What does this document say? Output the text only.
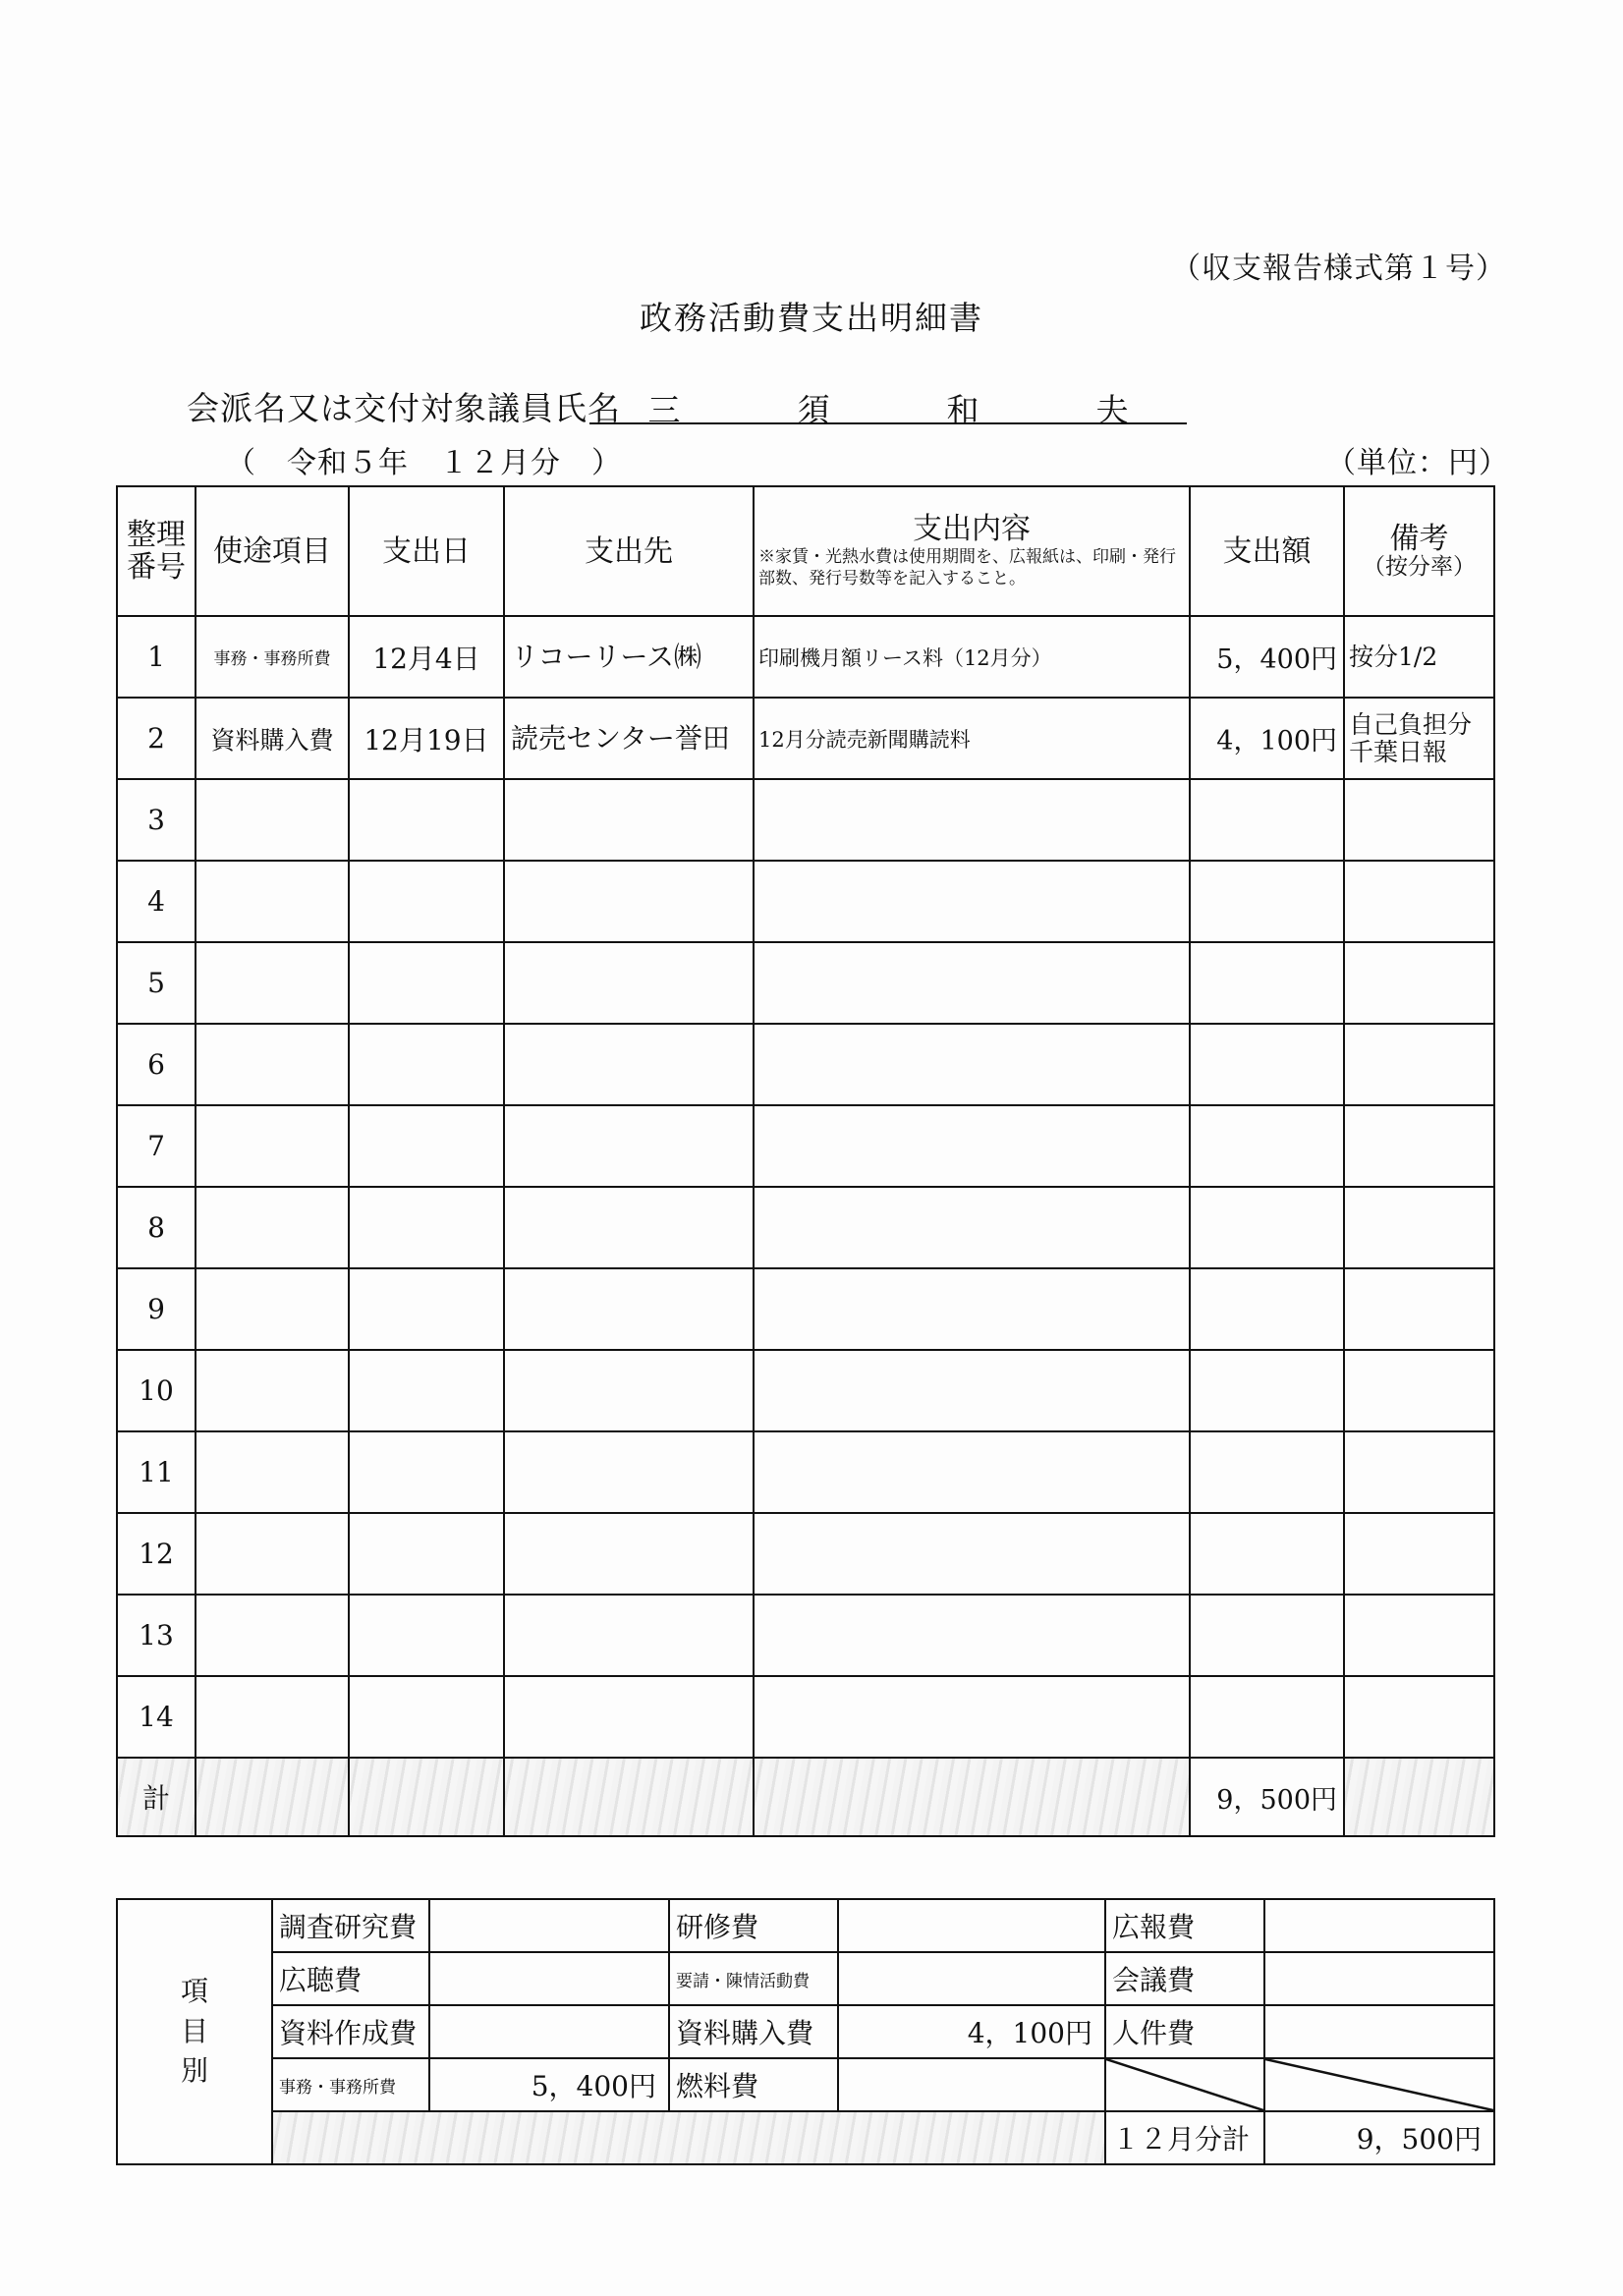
（収支報告様式第１号）
政務活動費支出明細書
会派名又は交付対象議員氏名 三	須	和	夫
（　令和５年　１２月分　）	（単位：円）
整理番号	使途項目	支出日	支出先	支出内容
※家賃・光熱水費は使用期間を、広報紙は、印刷・発行部数、発行号数等を記入すること。	支出額	備考
（按分率）

1	事務・事務所費	12月4日	リコーリース㈱	印刷機月額リース料（12月分）	5，400円	按分1/2
2	資料購入費	12月19日	読売センター誉田	12月分読売新聞購読料	4，100円	自己負担分千葉日報
3						
4						
5						
6						
7						
8						
9						
10						
11						
12						
13						
14						
計					9，500円	
項目別	調査研究費		研修費		広報費	
	広聴費		要請・陳情活動費		会議費	
	資料作成費		資料購入費	4，100円	人件費	
	事務・事務所費	5，400円	燃料費			
					１２月分計	9，500円
